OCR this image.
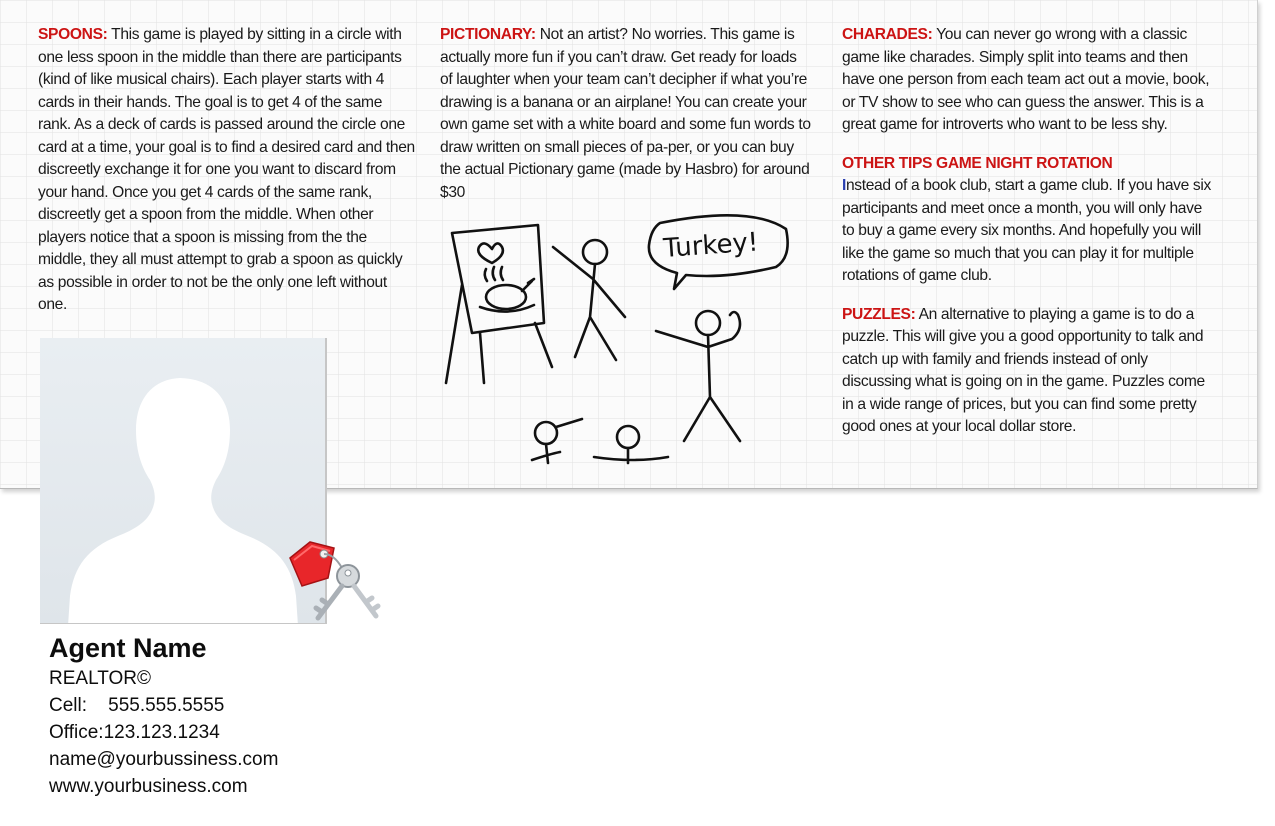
SPOONS: This game is played by sitting in a circle with one less spoon in the middle than there are participants (kind of like musical chairs). Each player starts with 4 cards in their hands. The goal is to get 4 of the same rank. As a deck of cards is passed around the circle one card at a time, your goal is to find a desired card and then discreetly exchange it for one you want to discard from your hand. Once you get 4 cards of the same rank, discreetly get a spoon from the middle. When other players notice that a spoon is missing from the the middle, they all must attempt to grab a spoon as quickly as possible in order to not be the only one left without one.

PICTIONARY: Not an artist? No worries. This game is actually more fun if you can’t draw. Get ready for loads of laughter when your team can’t decipher if what you’re drawing is a banana or an airplane! You can create your own game set with a white board and some fun words to draw written on small pieces of pa-per, or you can buy the actual Pictionary game (made by Hasbro) for around $30

Turkey!

CHARADES: You can never go wrong with a classic game like charades. Simply split into teams and then have one person from each team act out a movie, book, or TV show to see who can guess the answer. This is a great game for introverts who want to be less shy.

OTHER TIPS GAME NIGHT ROTATION

Instead of a book club, start a game club. If you have six participants and meet once a month, you will only have to buy a game every six months. And hopefully you will like the game so much that you can play it for multiple rotations of game club.

PUZZLES: An alternative to playing a game is to do a puzzle. This will give you a good opportunity to talk and catch up with family and friends instead of only discussing what is going on in the game. Puzzles come in a wide range of prices, but you can find some pretty good ones at your local dollar store.

Agent Name
REALTOR©
Cell: 555.555.5555
Office:123.123.1234
name@yourbussiness.com
www.yourbusiness.com
